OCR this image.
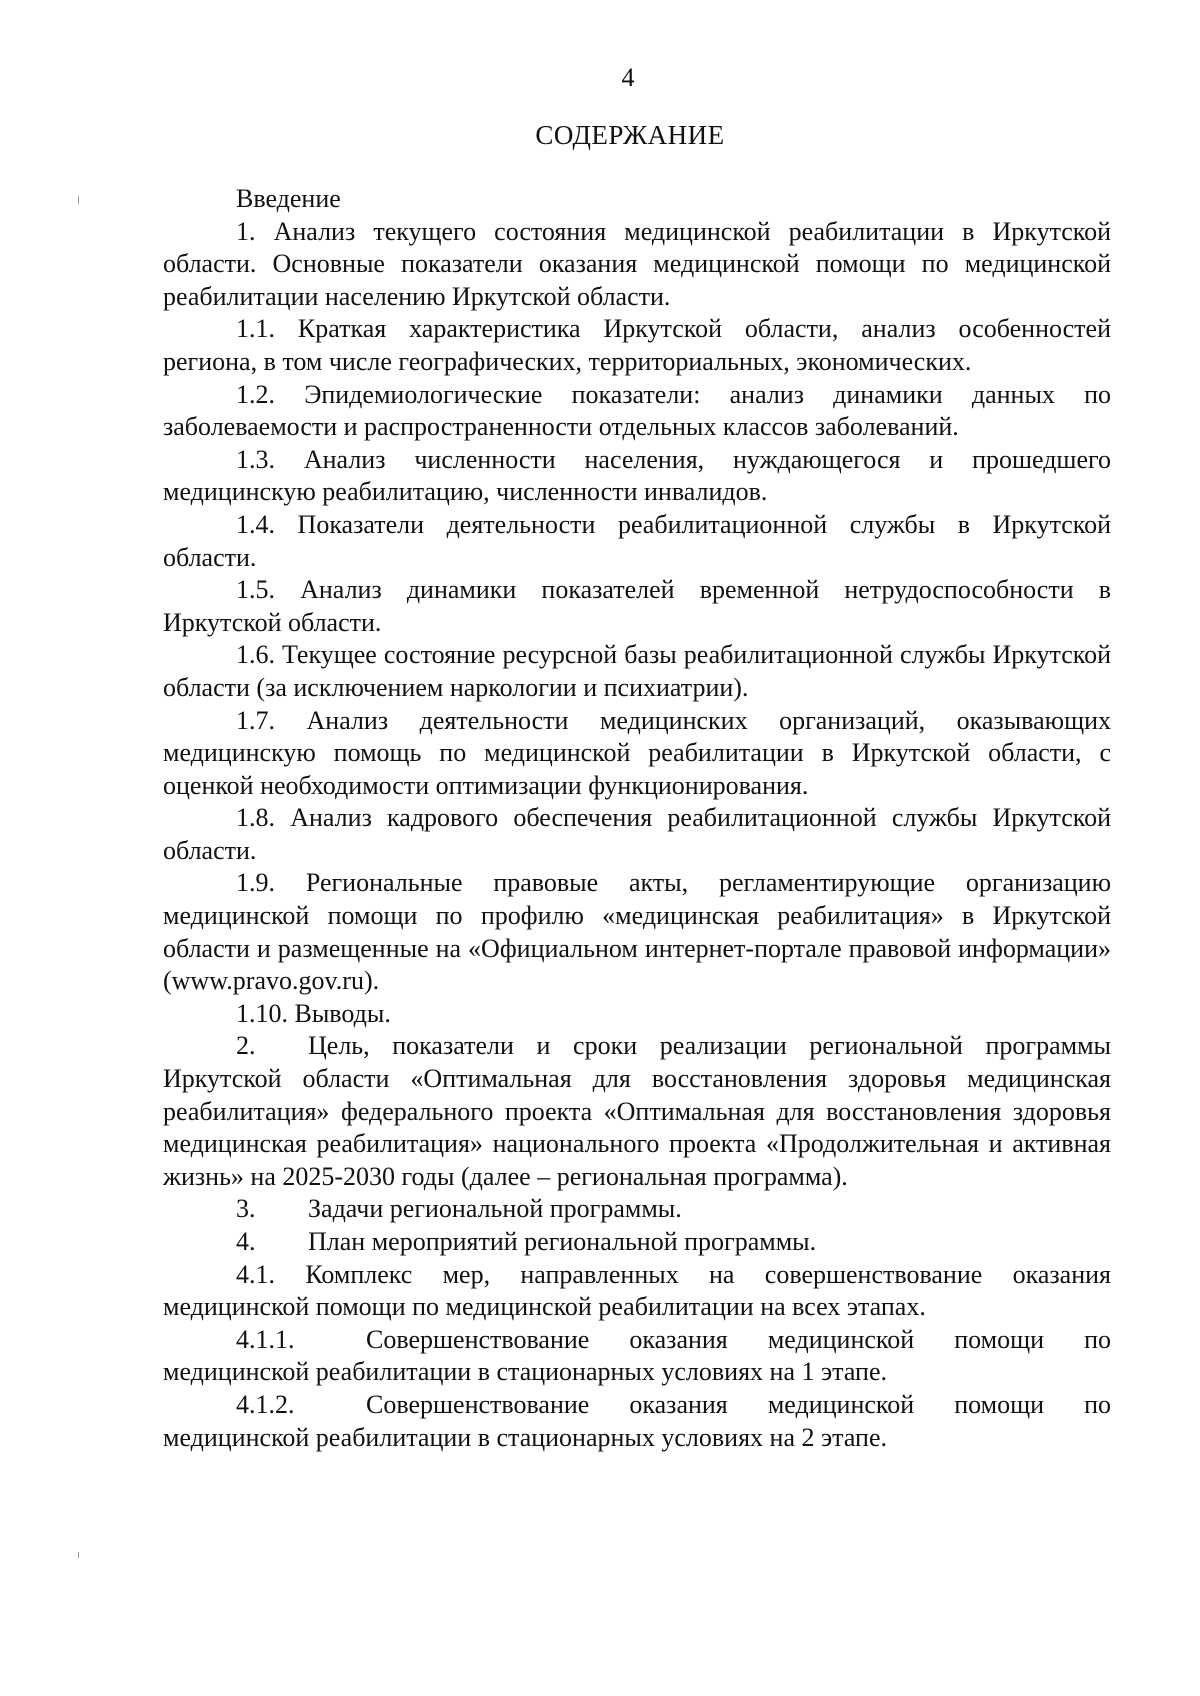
4
СОДЕРЖАНИЕ

Введение

1. Анализ текущего состояния медицинской реабилитации в Иркутской области. Основные показатели оказания медицинской помощи по медицинской реабилитации населению Иркутской области.

1.1. Краткая характеристика Иркутской области, анализ особенностей региона, в том числе географических, территориальных, экономических.

1.2. Эпидемиологические показатели: анализ динамики данных по заболеваемости и распространенности отдельных классов заболеваний.

1.3. Анализ численности населения, нуждающегося и прошедшего медицинскую реабилитацию, численности инвалидов.

1.4. Показатели деятельности реабилитационной службы в Иркутской области.

1.5. Анализ динамики показателей временной нетрудоспособности в Иркутской области.

1.6. Текущее состояние ресурсной базы реабилитационной службы Иркутской области (за исключением наркологии и психиатрии).

1.7. Анализ деятельности медицинских организаций, оказывающих медицинскую помощь по медицинской реабилитации в Иркутской области, с оценкой необходимости оптимизации функционирования.

1.8. Анализ кадрового обеспечения реабилитационной службы Иркутской области.

1.9. Региональные правовые акты, регламентирующие организацию медицинской помощи по профилю «медицинская реабилитация» в Иркутской области и размещенные на «Официальном интернет-портале правовой информации» (www.pravo.gov.ru).

1.10. Выводы.

2. Цель, показатели и сроки реализации региональной программы Иркутской области «Оптимальная для восстановления здоровья медицинская реабилитация» федерального проекта «Оптимальная для восстановления здоровья медицинская реабилитация» национального проекта «Продолжительная и активная жизнь» на 2025-2030 годы (далее – региональная программа).

3. Задачи региональной программы.

4. План мероприятий региональной программы.

4.1. Комплекс мер, направленных на совершенствование оказания медицинской помощи по медицинской реабилитации на всех этапах.

4.1.1.	Совершенствование оказания медицинской помощи по медицинской реабилитации в стационарных условиях на 1 этапе.

4.1.2.	Совершенствование оказания медицинской помощи по медицинской реабилитации в стационарных условиях на 2 этапе.
